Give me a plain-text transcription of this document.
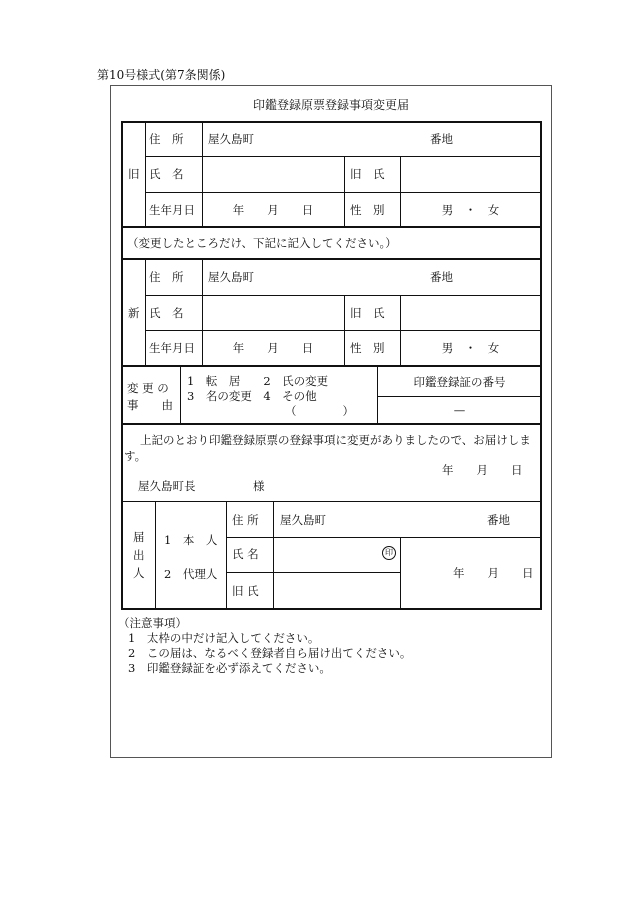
第10号様式(第7条関係)
印鑑登録原票登録事項変更届
旧
住　所 屋久島町	番地
氏　名	旧　氏
生年月日	年　　月　　日	性　別	男　・　女
（変更したところだけ、下記に記入してください。）
新
住　所 屋久島町	番地
氏　名	旧　氏
生年月日	年　　月　　日	性　別	男　・　女
変 更 の
事　　由
1　転　居　　2　氏の変更
3　名の変更　4　その他
（　　　　）
印鑑登録証の番号
—
上記のとおり印鑑登録原票の登録事項に変更がありましたので、お届けしま
す。
年　　月　　日
屋久島町長　　　　　様
届
出
人
1　本　人
2　代理人
住 所 屋久島町	番地
氏 名	印
旧 氏
年　　月　　日
（注意事項）
1　太枠の中だけ記入してください。
2　この届は、なるべく登録者自ら届け出てください。
3　印鑑登録証を必ず添えてください。
